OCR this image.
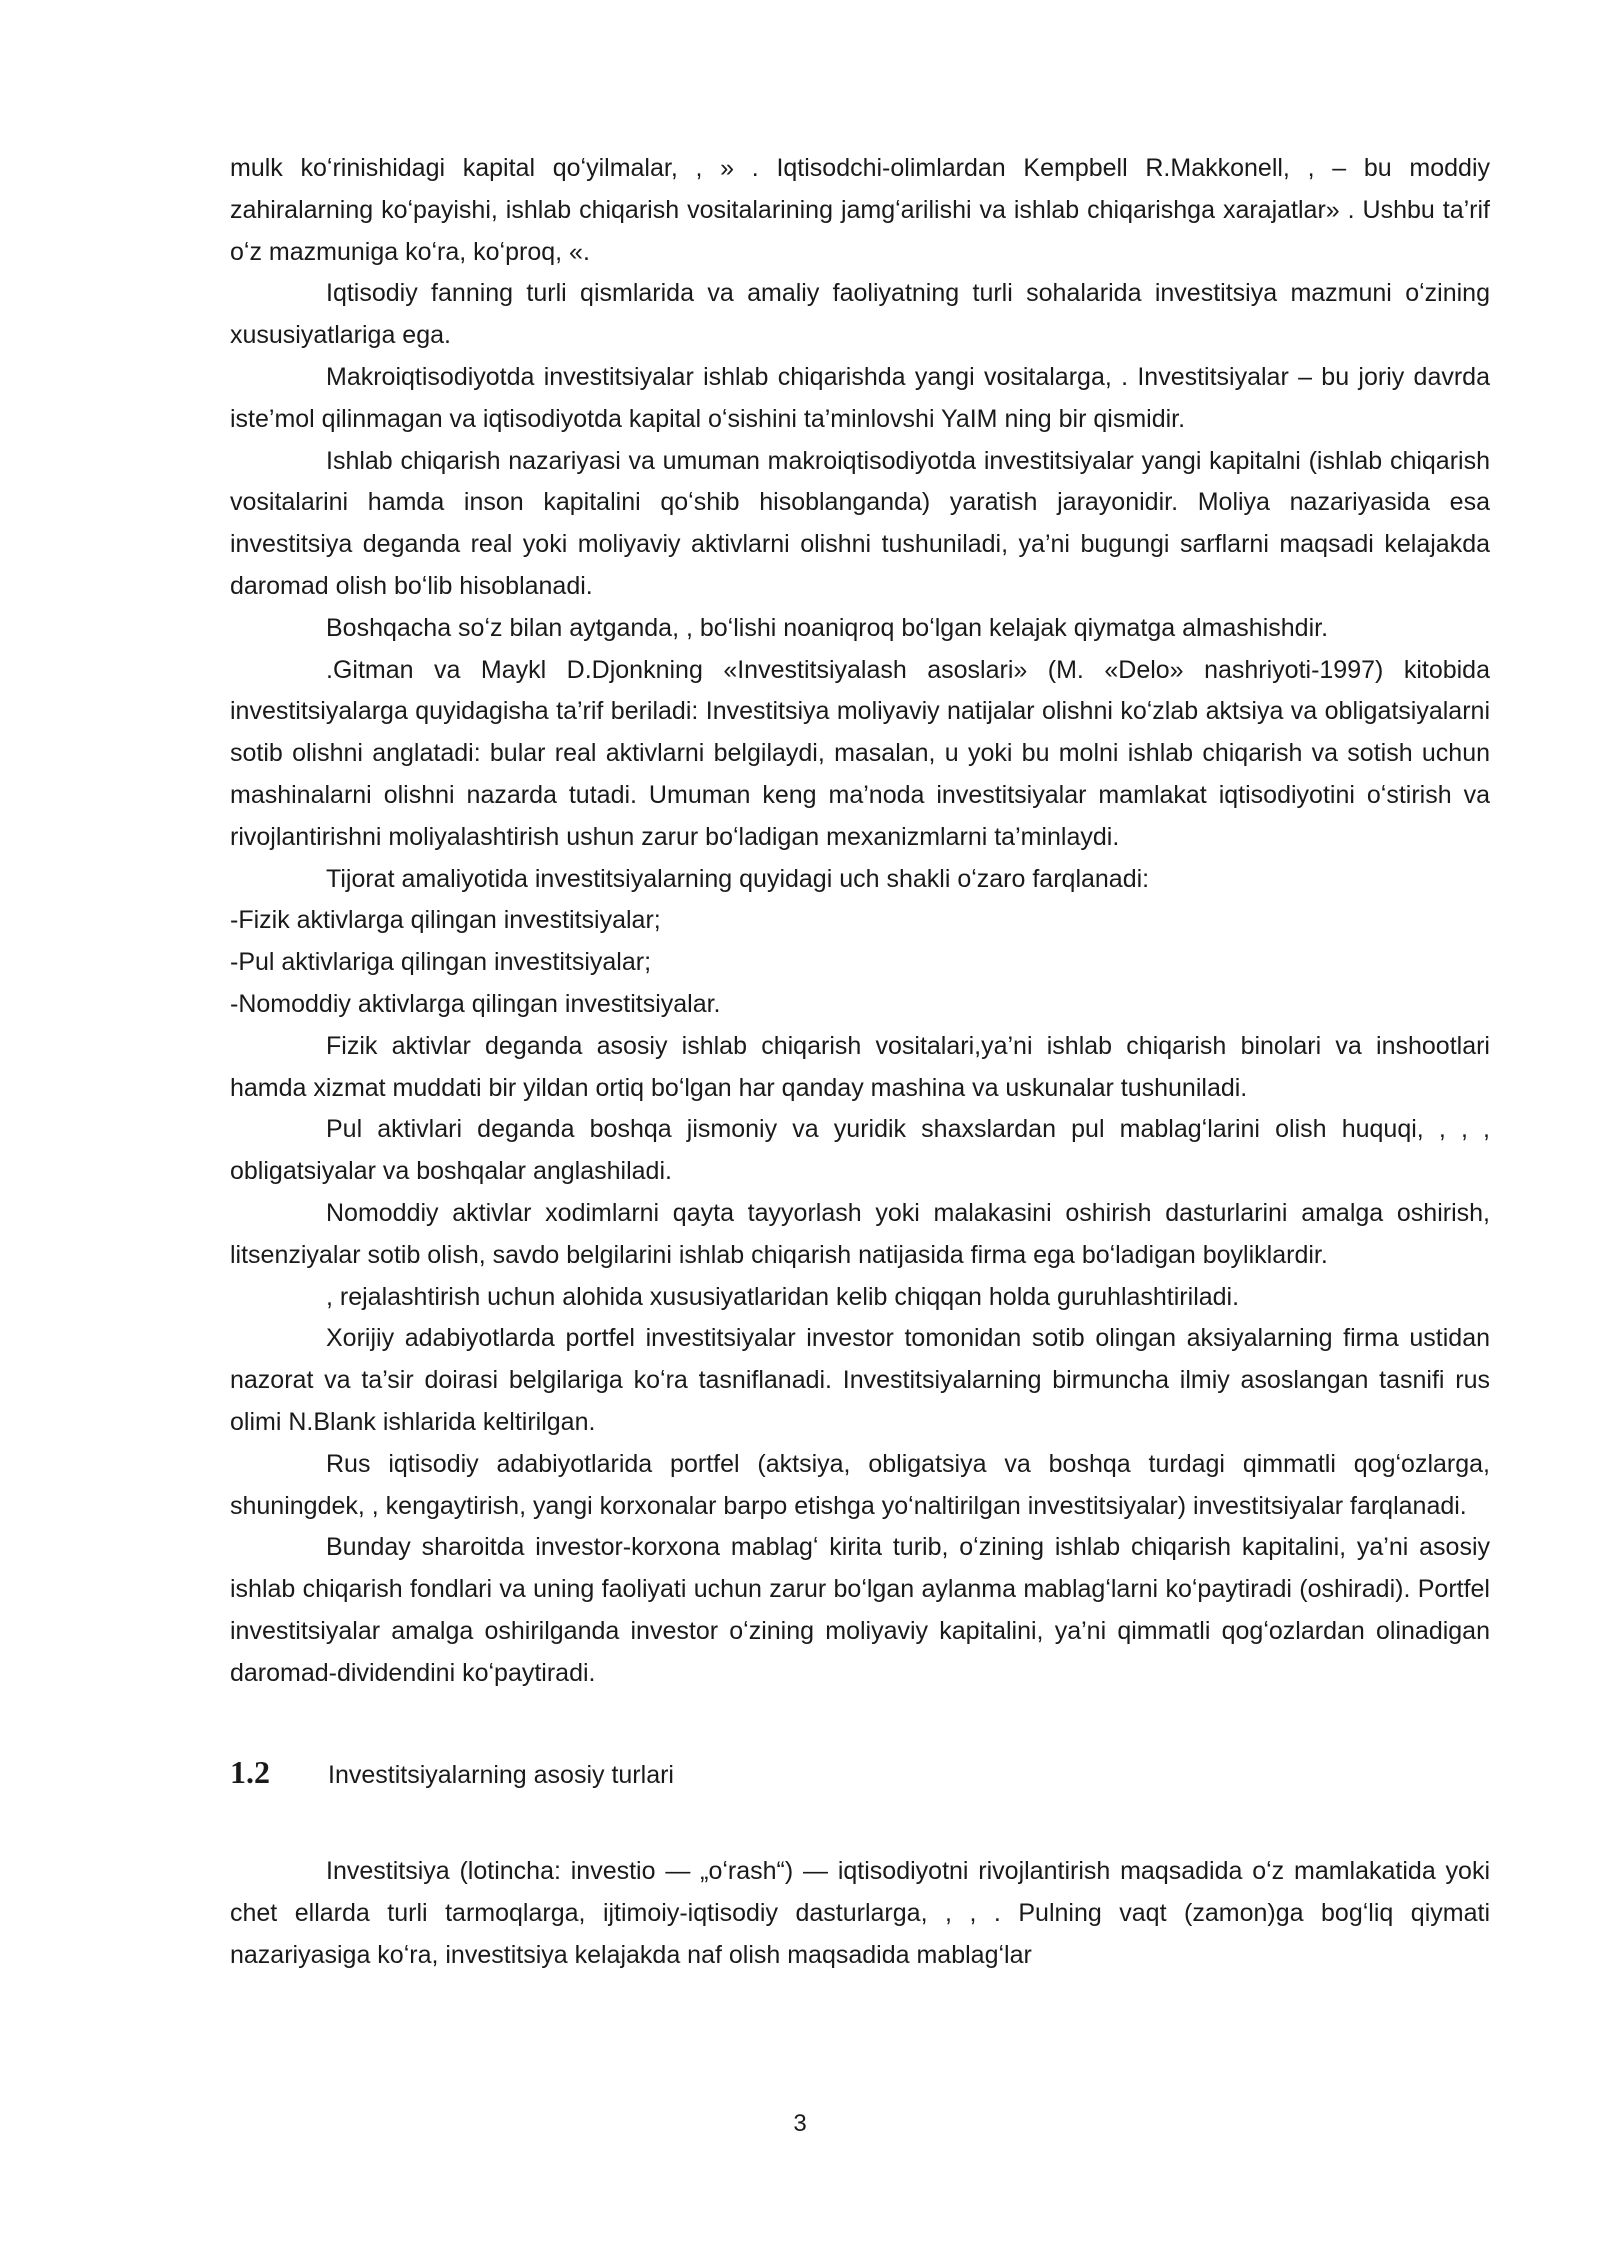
mulk koʻrinishidagi kapital qoʻyilmalar, , » . Iqtisodchi-olimlardan Kempbell R.Makkonell, , – bu moddiy zahiralarning koʻpayishi, ishlab chiqarish vositalarining jamgʻarilishi va ishlab chiqarishga xarajatlar» . Ushbu ta’rif oʻz mazmuniga koʻra, koʻproq, «.

Iqtisodiy fanning turli qismlarida va amaliy faoliyatning turli sohalarida investitsiya mazmuni oʻzining xususiyatlariga ega.

Makroiqtisodiyotda investitsiyalar ishlab chiqarishda yangi vositalarga, . Investitsiyalar – bu joriy davrda iste’mol qilinmagan va iqtisodiyotda kapital oʻsishini ta’minlovshi YaIM ning bir qismidir.

Ishlab chiqarish nazariyasi va umuman makroiqtisodiyotda investitsiyalar yangi kapitalni (ishlab chiqarish vositalarini hamda inson kapitalini qoʻshib hisoblanganda) yaratish jarayonidir. Moliya nazariyasida esa investitsiya deganda real yoki moliyaviy aktivlarni olishni tushuniladi, ya’ni bugungi sarflarni maqsadi kelajakda daromad olish boʻlib hisoblanadi.

Boshqacha soʻz bilan aytganda, , boʻlishi noaniqroq boʻlgan kelajak qiymatga almashishdir.

.Gitman va Maykl D.Djonkning «Investitsiyalash asoslari» (M. «Delo» nashriyoti-1997) kitobida investitsiyalarga quyidagisha ta’rif beriladi: Investitsiya moliyaviy natijalar olishni koʻzlab aktsiya va obligatsiyalarni sotib olishni anglatadi: bular real aktivlarni belgilaydi, masalan, u yoki bu molni ishlab chiqarish va sotish uchun mashinalarni olishni nazarda tutadi. Umuman keng ma’noda investitsiyalar mamlakat iqtisodiyotini oʻstirish va rivojlantirishni moliyalashtirish ushun zarur boʻladigan mexanizmlarni ta’minlaydi.

Tijorat amaliyotida investitsiyalarning quyidagi uch shakli oʻzaro farqlanadi:

-Fizik aktivlarga qilingan investitsiyalar;

-Pul aktivlariga qilingan investitsiyalar;

-Nomoddiy aktivlarga qilingan investitsiyalar.

Fizik aktivlar deganda asosiy ishlab chiqarish vositalari,ya’ni ishlab chiqarish binolari va inshootlari hamda xizmat muddati bir yildan ortiq boʻlgan har qanday mashina va uskunalar tushuniladi.

Pul aktivlari deganda boshqa jismoniy va yuridik shaxslardan pul mablagʻlarini olish huquqi, , , , obligatsiyalar va boshqalar anglashiladi.

Nomoddiy aktivlar xodimlarni qayta tayyorlash yoki malakasini oshirish dasturlarini amalga oshirish, litsenziyalar sotib olish, savdo belgilarini ishlab chiqarish natijasida firma ega boʻladigan boyliklardir.

, rejalashtirish uchun alohida xususiyatlaridan kelib chiqqan holda guruhlashtiriladi.

Xorijiy adabiyotlarda portfel investitsiyalar investor tomonidan sotib olingan aksiyalarning firma ustidan nazorat va ta’sir doirasi belgilariga koʻra tasniflanadi. Investitsiyalarning birmuncha ilmiy asoslangan tasnifi rus olimi N.Blank ishlarida keltirilgan.

Rus iqtisodiy adabiyotlarida portfel (aktsiya, obligatsiya va boshqa turdagi qimmatli qogʻozlarga, shuningdek, , kengaytirish, yangi korxonalar barpo etishga yoʻnaltirilgan investitsiyalar) investitsiyalar farqlanadi.

Bunday sharoitda investor-korxona mablagʻ kirita turib, oʻzining ishlab chiqarish kapitalini, ya’ni asosiy ishlab chiqarish fondlari va uning faoliyati uchun zarur boʻlgan aylanma mablagʻlarni koʻpaytiradi (oshiradi). Portfel investitsiyalar amalga oshirilganda investor oʻzining moliyaviy kapitalini, ya’ni qimmatli qogʻozlardan olinadigan daromad-dividendini koʻpaytiradi.

1.2	Investitsiyalarning asosiy turlari

Investitsiya (lotincha: investio — „oʻrash“) — iqtisodiyotni rivojlantirish maqsadida oʻz mamlakatida yoki chet ellarda turli tarmoqlarga, ijtimoiy-iqtisodiy dasturlarga, , , . Pulning vaqt (zamon)ga bogʻliq qiymati nazariyasiga koʻra, investitsiya kelajakda naf olish maqsadida mablagʻlar

3
